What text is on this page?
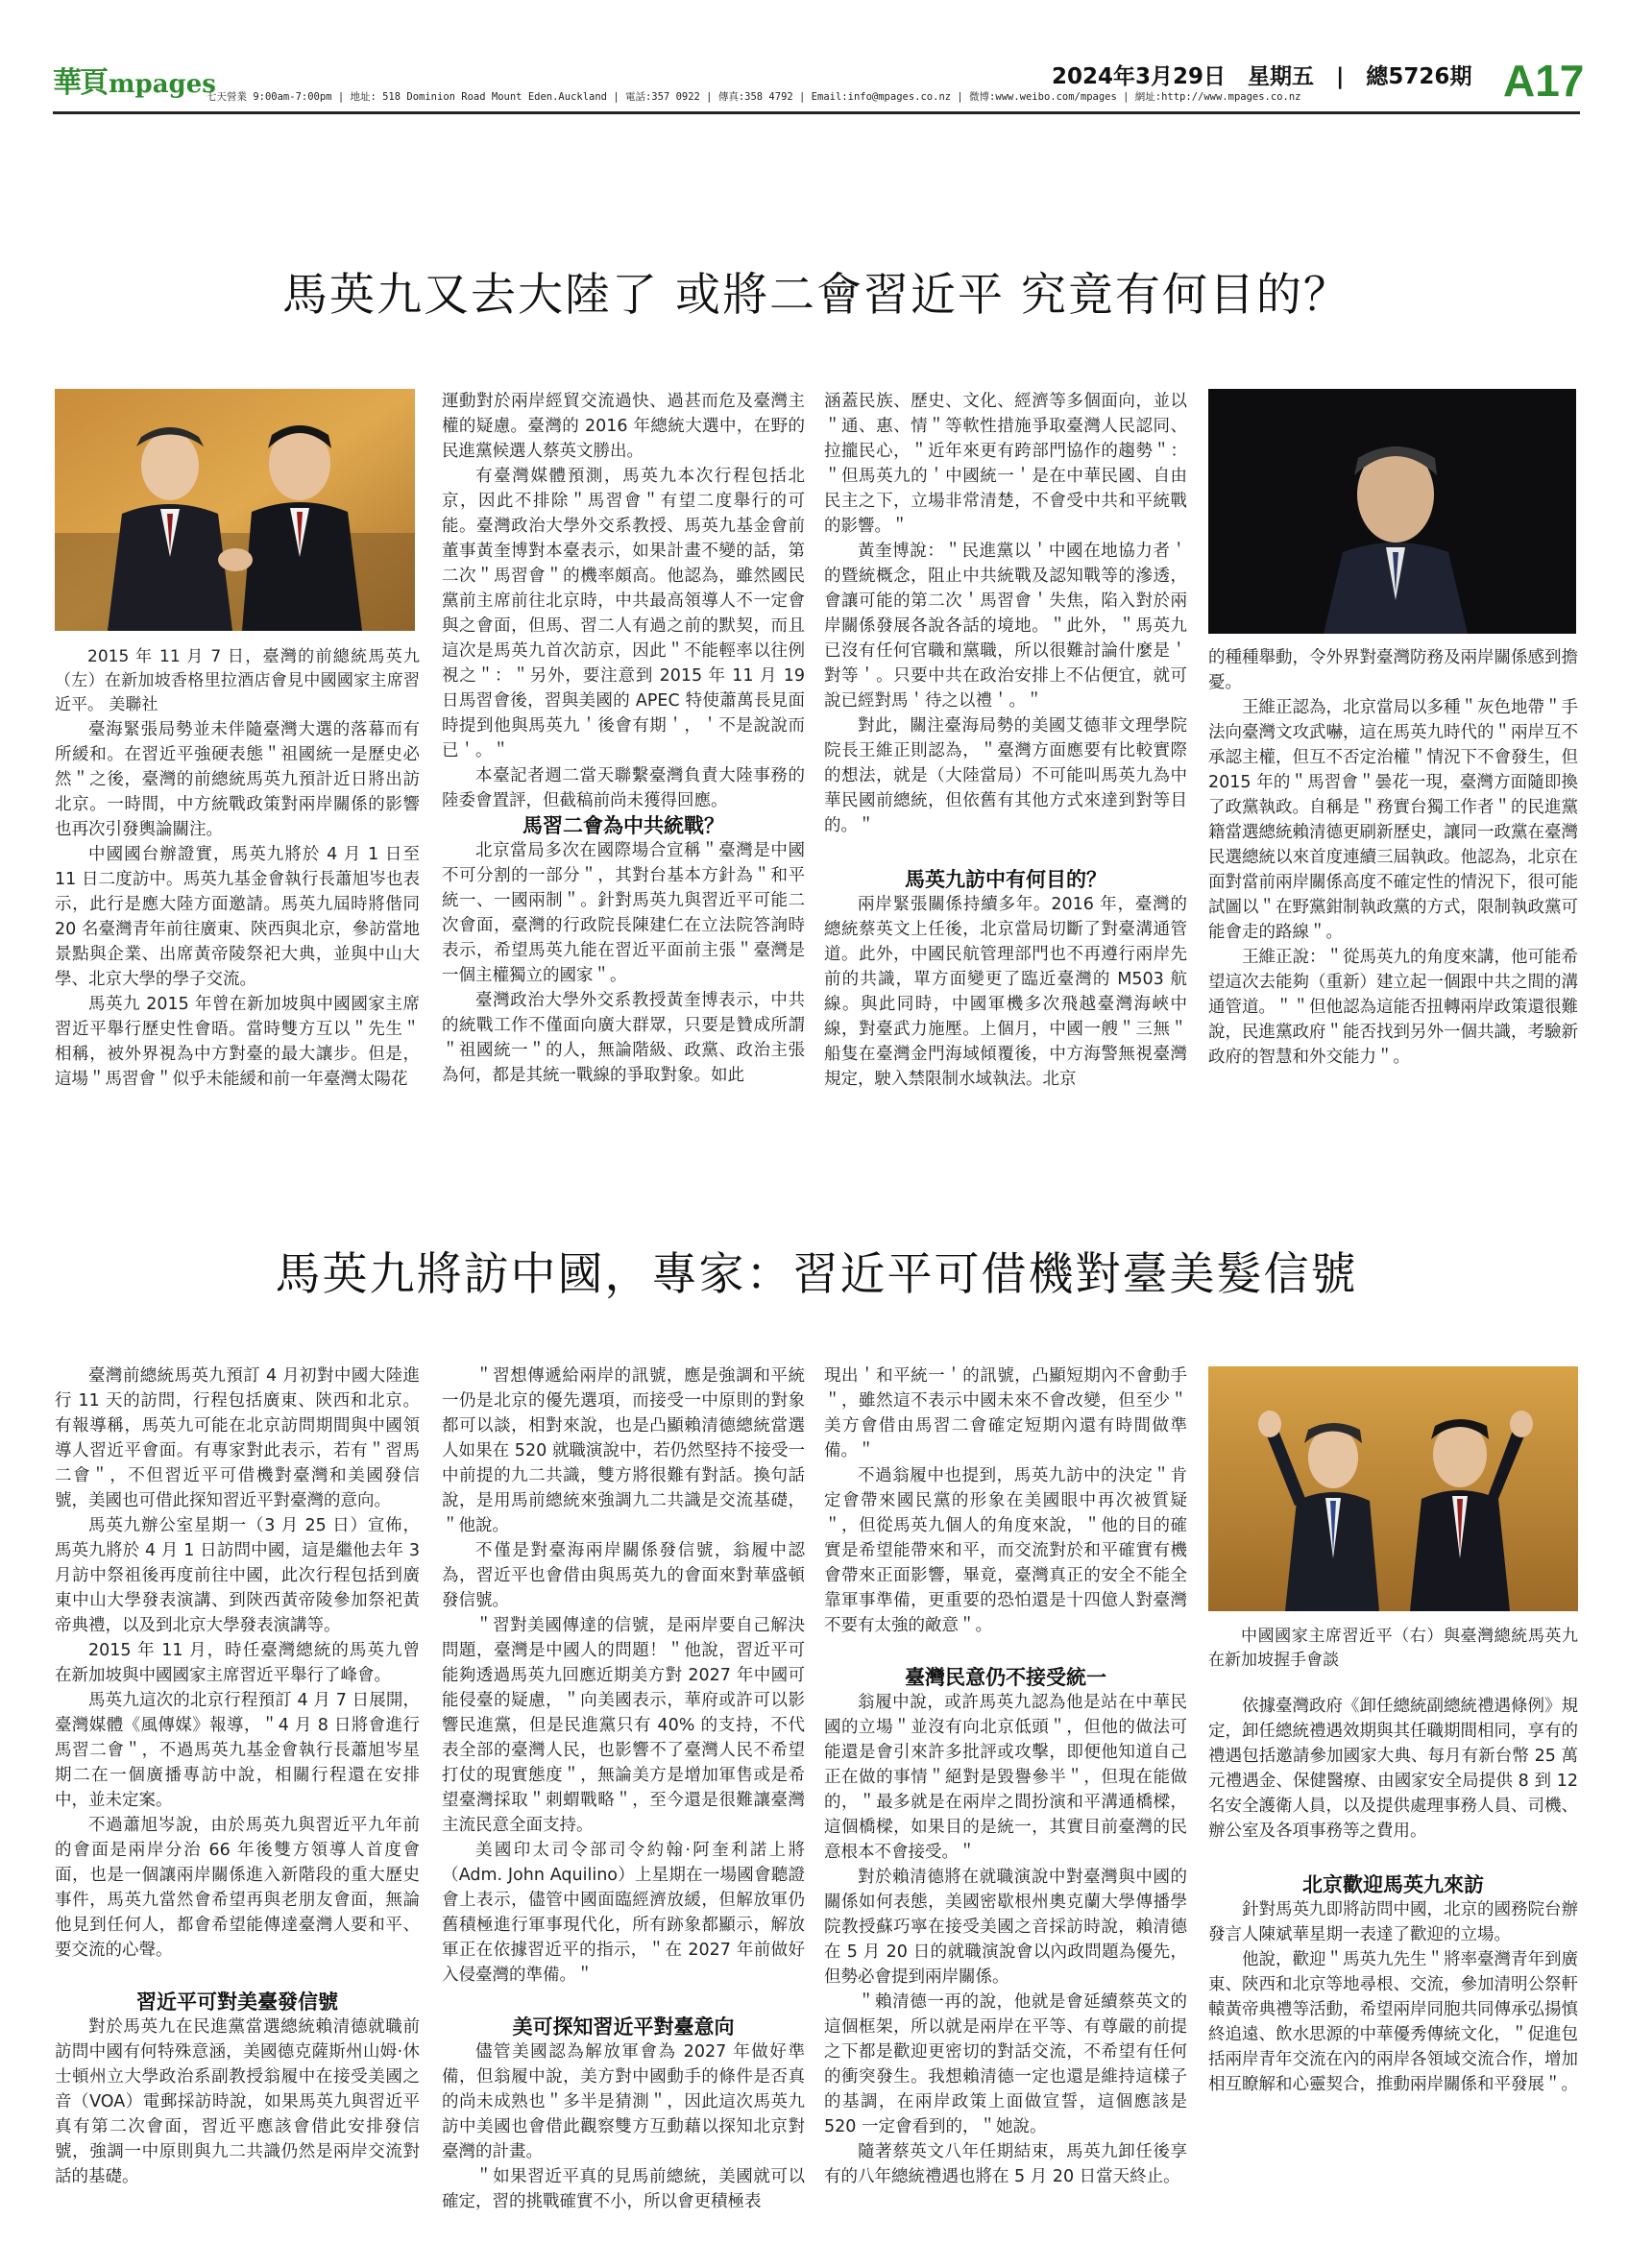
華頁 mpages
七天營業 9:00am-7:00pm | 地址: 518 Dominion Road Mount Eden.Auckland | 電話:357 0922 | 傳真:358 4792 | Email:info@mpages.co.nz | 微博:www.weibo.com/mpages | 網址:http://www.mpages.co.nz
2024年3月29日　星期五　|　總5726期 A17
馬英九又去大陸了 或將二會習近平 究竟有何目的？

2015 年 11 月 7 日，臺灣的前總統馬英九（左）在新加坡香格里拉酒店會見中國國家主席習近平。 美聯社

臺海緊張局勢並未伴隨臺灣大選的落幕而有所緩和。在習近平強硬表態＂祖國統一是歷史必然＂之後，臺灣的前總統馬英九預計近日將出訪北京。一時間，中方統戰政策對兩岸關係的影響也再次引發輿論關注。

中國國台辦證實，馬英九將於 4 月 1 日至 11 日二度訪中。馬英九基金會執行長蕭旭岑也表示，此行是應大陸方面邀請。馬英九屆時將偕同 20 名臺灣青年前往廣東、陝西與北京，參訪當地景點與企業、出席黃帝陵祭祀大典，並與中山大學、北京大學的學子交流。

馬英九 2015 年曾在新加坡與中國國家主席習近平舉行歷史性會晤。當時雙方互以＂先生＂相稱，被外界視為中方對臺的最大讓步。但是，這場＂馬習會＂似乎未能緩和前一年臺灣太陽花

運動對於兩岸經貿交流過快、過甚而危及臺灣主權的疑慮。臺灣的 2016 年總統大選中，在野的民進黨候選人蔡英文勝出。

有臺灣媒體預測，馬英九本次行程包括北京，因此不排除＂馬習會＂有望二度舉行的可能。臺灣政治大學外交系教授、馬英九基金會前董事黃奎博對本臺表示，如果計畫不變的話，第二次＂馬習會＂的機率頗高。他認為，雖然國民黨前主席前往北京時，中共最高領導人不一定會與之會面，但馬、習二人有過之前的默契，而且這次是馬英九首次訪京，因此＂不能輕率以往例視之＂：＂另外，要注意到 2015 年 11 月 19 日馬習會後，習與美國的 APEC 特使蕭萬長見面時提到他與馬英九＇後會有期＇，＇不是說說而已＇。＂

本臺記者週二當天聯繫臺灣負責大陸事務的陸委會置評，但截稿前尚未獲得回應。

馬習二會為中共統戰？

北京當局多次在國際場合宣稱＂臺灣是中國不可分割的一部分＂，其對台基本方針為＂和平統一、一國兩制＂。針對馬英九與習近平可能二次會面，臺灣的行政院長陳建仁在立法院答詢時表示，希望馬英九能在習近平面前主張＂臺灣是一個主權獨立的國家＂。

臺灣政治大學外交系教授黃奎博表示，中共的統戰工作不僅面向廣大群眾，只要是贊成所謂＂祖國統一＂的人，無論階級、政黨、政治主張為何，都是其統一戰線的爭取對象。如此

涵蓋民族、歷史、文化、經濟等多個面向，並以＂通、惠、情＂等軟性措施爭取臺灣人民認同、拉攏民心，＂近年來更有跨部門協作的趨勢＂：＂但馬英九的＇中國統一＇是在中華民國、自由民主之下，立場非常清楚，不會受中共和平統戰的影響。＂

黃奎博說：＂民進黨以＇中國在地協力者＇的暨統概念，阻止中共統戰及認知戰等的滲透，會讓可能的第二次＇馬習會＇失焦，陷入對於兩岸關係發展各說各話的境地。＂此外，＂馬英九已沒有任何官職和黨職，所以很難討論什麼是＇對等＇。只要中共在政治安排上不佔便宜，就可說已經對馬＇待之以禮＇。＂

對此，關注臺海局勢的美國艾德菲文理學院院長王維正則認為，＂臺灣方面應要有比較實際的想法，就是（大陸當局）不可能叫馬英九為中華民國前總統，但依舊有其他方式來達到對等目的。＂

馬英九訪中有何目的？

兩岸緊張關係持續多年。2016 年，臺灣的總統蔡英文上任後，北京當局切斷了對臺溝通管道。此外，中國民航管理部門也不再遵行兩岸先前的共識，單方面變更了臨近臺灣的 M503 航線。與此同時，中國軍機多次飛越臺灣海峽中線，對臺武力施壓。上個月，中國一艘＂三無＂船隻在臺灣金門海域傾覆後，中方海警無視臺灣規定，駛入禁限制水域執法。北京

的種種舉動，令外界對臺灣防務及兩岸關係感到擔憂。

王維正認為，北京當局以多種＂灰色地帶＂手法向臺灣文攻武嚇，這在馬英九時代的＂兩岸互不承認主權，但互不否定治權＂情況下不會發生，但 2015 年的＂馬習會＂曇花一現，臺灣方面隨即換了政黨執政。自稱是＂務實台獨工作者＂的民進黨籍當選總統賴清德更刷新歷史，讓同一政黨在臺灣民選總統以來首度連續三屆執政。他認為，北京在面對當前兩岸關係高度不確定性的情況下，很可能試圖以＂在野黨鉗制執政黨的方式，限制執政黨可能會走的路線＂。

王維正說：＂從馬英九的角度來講，他可能希望這次去能夠（重新）建立起一個跟中共之間的溝通管道。＂＂但他認為這能否扭轉兩岸政策還很難說，民進黨政府＂能否找到另外一個共識，考驗新政府的智慧和外交能力＂。

馬英九將訪中國，專家：習近平可借機對臺美髮信號

臺灣前總統馬英九預訂 4 月初對中國大陸進行 11 天的訪問，行程包括廣東、陝西和北京。有報導稱，馬英九可能在北京訪問期間與中國領導人習近平會面。有專家對此表示，若有＂習馬二會＂，不但習近平可借機對臺灣和美國發信號，美國也可借此探知習近平對臺灣的意向。

馬英九辦公室星期一（3 月 25 日）宣佈，馬英九將於 4 月 1 日訪問中國，這是繼他去年 3 月訪中祭祖後再度前往中國，此次行程包括到廣東中山大學發表演講、到陝西黃帝陵參加祭祀黃帝典禮，以及到北京大學發表演講等。

2015 年 11 月，時任臺灣總統的馬英九曾在新加坡與中國國家主席習近平舉行了峰會。

馬英九這次的北京行程預訂 4 月 7 日展開，臺灣媒體《風傳媒》報導，＂4 月 8 日將會進行馬習二會＂，不過馬英九基金會執行長蕭旭岑星期二在一個廣播專訪中說，相關行程還在安排中，並未定案。

不過蕭旭岑說，由於馬英九與習近平九年前的會面是兩岸分治 66 年後雙方領導人首度會面，也是一個讓兩岸關係進入新階段的重大歷史事件，馬英九當然會希望再與老朋友會面，無論他見到任何人，都會希望能傳達臺灣人要和平、要交流的心聲。

習近平可對美臺發信號

對於馬英九在民進黨當選總統賴清德就職前訪問中國有何特殊意涵，美國德克薩斯州山姆·休士頓州立大學政治系副教授翁履中在接受美國之音（VOA）電郵採訪時說，如果馬英九與習近平真有第二次會面，習近平應該會借此安排發信號，強調一中原則與九二共識仍然是兩岸交流對話的基礎。

＂習想傳遞給兩岸的訊號，應是強調和平統一仍是北京的優先選項，而接受一中原則的對象都可以談，相對來說，也是凸顯賴清德總統當選人如果在 520 就職演說中，若仍然堅持不接受一中前提的九二共識，雙方將很難有對話。換句話說，是用馬前總統來強調九二共識是交流基礎，＂他說。

不僅是對臺海兩岸關係發信號，翁履中認為，習近平也會借由與馬英九的會面來對華盛頓發信號。

＂習對美國傳達的信號，是兩岸要自己解決問題，臺灣是中國人的問題！＂他說，習近平可能夠透過馬英九回應近期美方對 2027 年中國可能侵臺的疑慮，＂向美國表示，華府或許可以影響民進黨，但是民進黨只有 40% 的支持，不代表全部的臺灣人民，也影響不了臺灣人民不希望打仗的現實態度＂，無論美方是增加軍售或是希望臺灣採取＂刺蝟戰略＂，至今還是很難讓臺灣主流民意全面支持。

美國印太司令部司令約翰·阿奎利諾上將（Adm. John Aquilino）上星期在一場國會聽證會上表示，儘管中國面臨經濟放緩，但解放軍仍舊積極進行軍事現代化，所有跡象都顯示，解放軍正在依據習近平的指示，＂在 2027 年前做好入侵臺灣的準備。＂

美可探知習近平對臺意向

儘管美國認為解放軍會為 2027 年做好準備，但翁履中說，美方對中國動手的條件是否真的尚未成熟也＂多半是猜測＂，因此這次馬英九訪中美國也會借此觀察雙方互動藉以探知北京對臺灣的計畫。

＂如果習近平真的見馬前總統，美國就可以確定，習的挑戰確實不小，所以會更積極表

現出＇和平統一＇的訊號，凸顯短期內不會動手＂，雖然這不表示中國未來不會改變，但至少＂美方會借由馬習二會確定短期內還有時間做準備。＂

不過翁履中也提到，馬英九訪中的決定＂肯定會帶來國民黨的形象在美國眼中再次被質疑＂，但從馬英九個人的角度來說，＂他的目的確實是希望能帶來和平，而交流對於和平確實有機會帶來正面影響，畢竟，臺灣真正的安全不能全靠軍事準備，更重要的恐怕還是十四億人對臺灣不要有太強的敵意＂。

臺灣民意仍不接受統一

翁履中說，或許馬英九認為他是站在中華民國的立場＂並沒有向北京低頭＂，但他的做法可能還是會引來許多批評或攻擊，即便他知道自己正在做的事情＂絕對是毀譽參半＂，但現在能做的，＂最多就是在兩岸之間扮演和平溝通橋樑，這個橋樑，如果目的是統一，其實目前臺灣的民意根本不會接受。＂

對於賴清德將在就職演說中對臺灣與中國的關係如何表態，美國密歇根州奧克蘭大學傳播學院教授蘇巧寧在接受美國之音採訪時說，賴清德在 5 月 20 日的就職演說會以內政問題為優先，但勢必會提到兩岸關係。

＂賴清德一再的說，他就是會延續蔡英文的這個框架，所以就是兩岸在平等、有尊嚴的前提之下都是歡迎更密切的對話交流，不希望有任何的衝突發生。我想賴清德一定也還是維持這樣子的基調，在兩岸政策上面做宣誓，這個應該是 520 一定會看到的，＂她說。

隨著蔡英文八年任期結束，馬英九卸任後享有的八年總統禮遇也將在 5 月 20 日當天終止。

中國國家主席習近平（右）與臺灣總統馬英九在新加坡握手會談

依據臺灣政府《卸任總統副總統禮遇條例》規定，卸任總統禮遇效期與其任職期間相同，享有的禮遇包括邀請參加國家大典、每月有新台幣 25 萬元禮遇金、保健醫療、由國家安全局提供 8 到 12 名安全護衛人員，以及提供處理事務人員、司機、辦公室及各項事務等之費用。

北京歡迎馬英九來訪

針對馬英九即將訪問中國，北京的國務院台辦發言人陳斌華星期一表達了歡迎的立場。

他說，歡迎＂馬英九先生＂將率臺灣青年到廣東、陝西和北京等地尋根、交流，參加清明公祭軒轅黃帝典禮等活動，希望兩岸同胞共同傳承弘揚慎終追遠、飲水思源的中華優秀傳統文化，＂促進包括兩岸青年交流在內的兩岸各領域交流合作，增加相互瞭解和心靈契合，推動兩岸關係和平發展＂。
